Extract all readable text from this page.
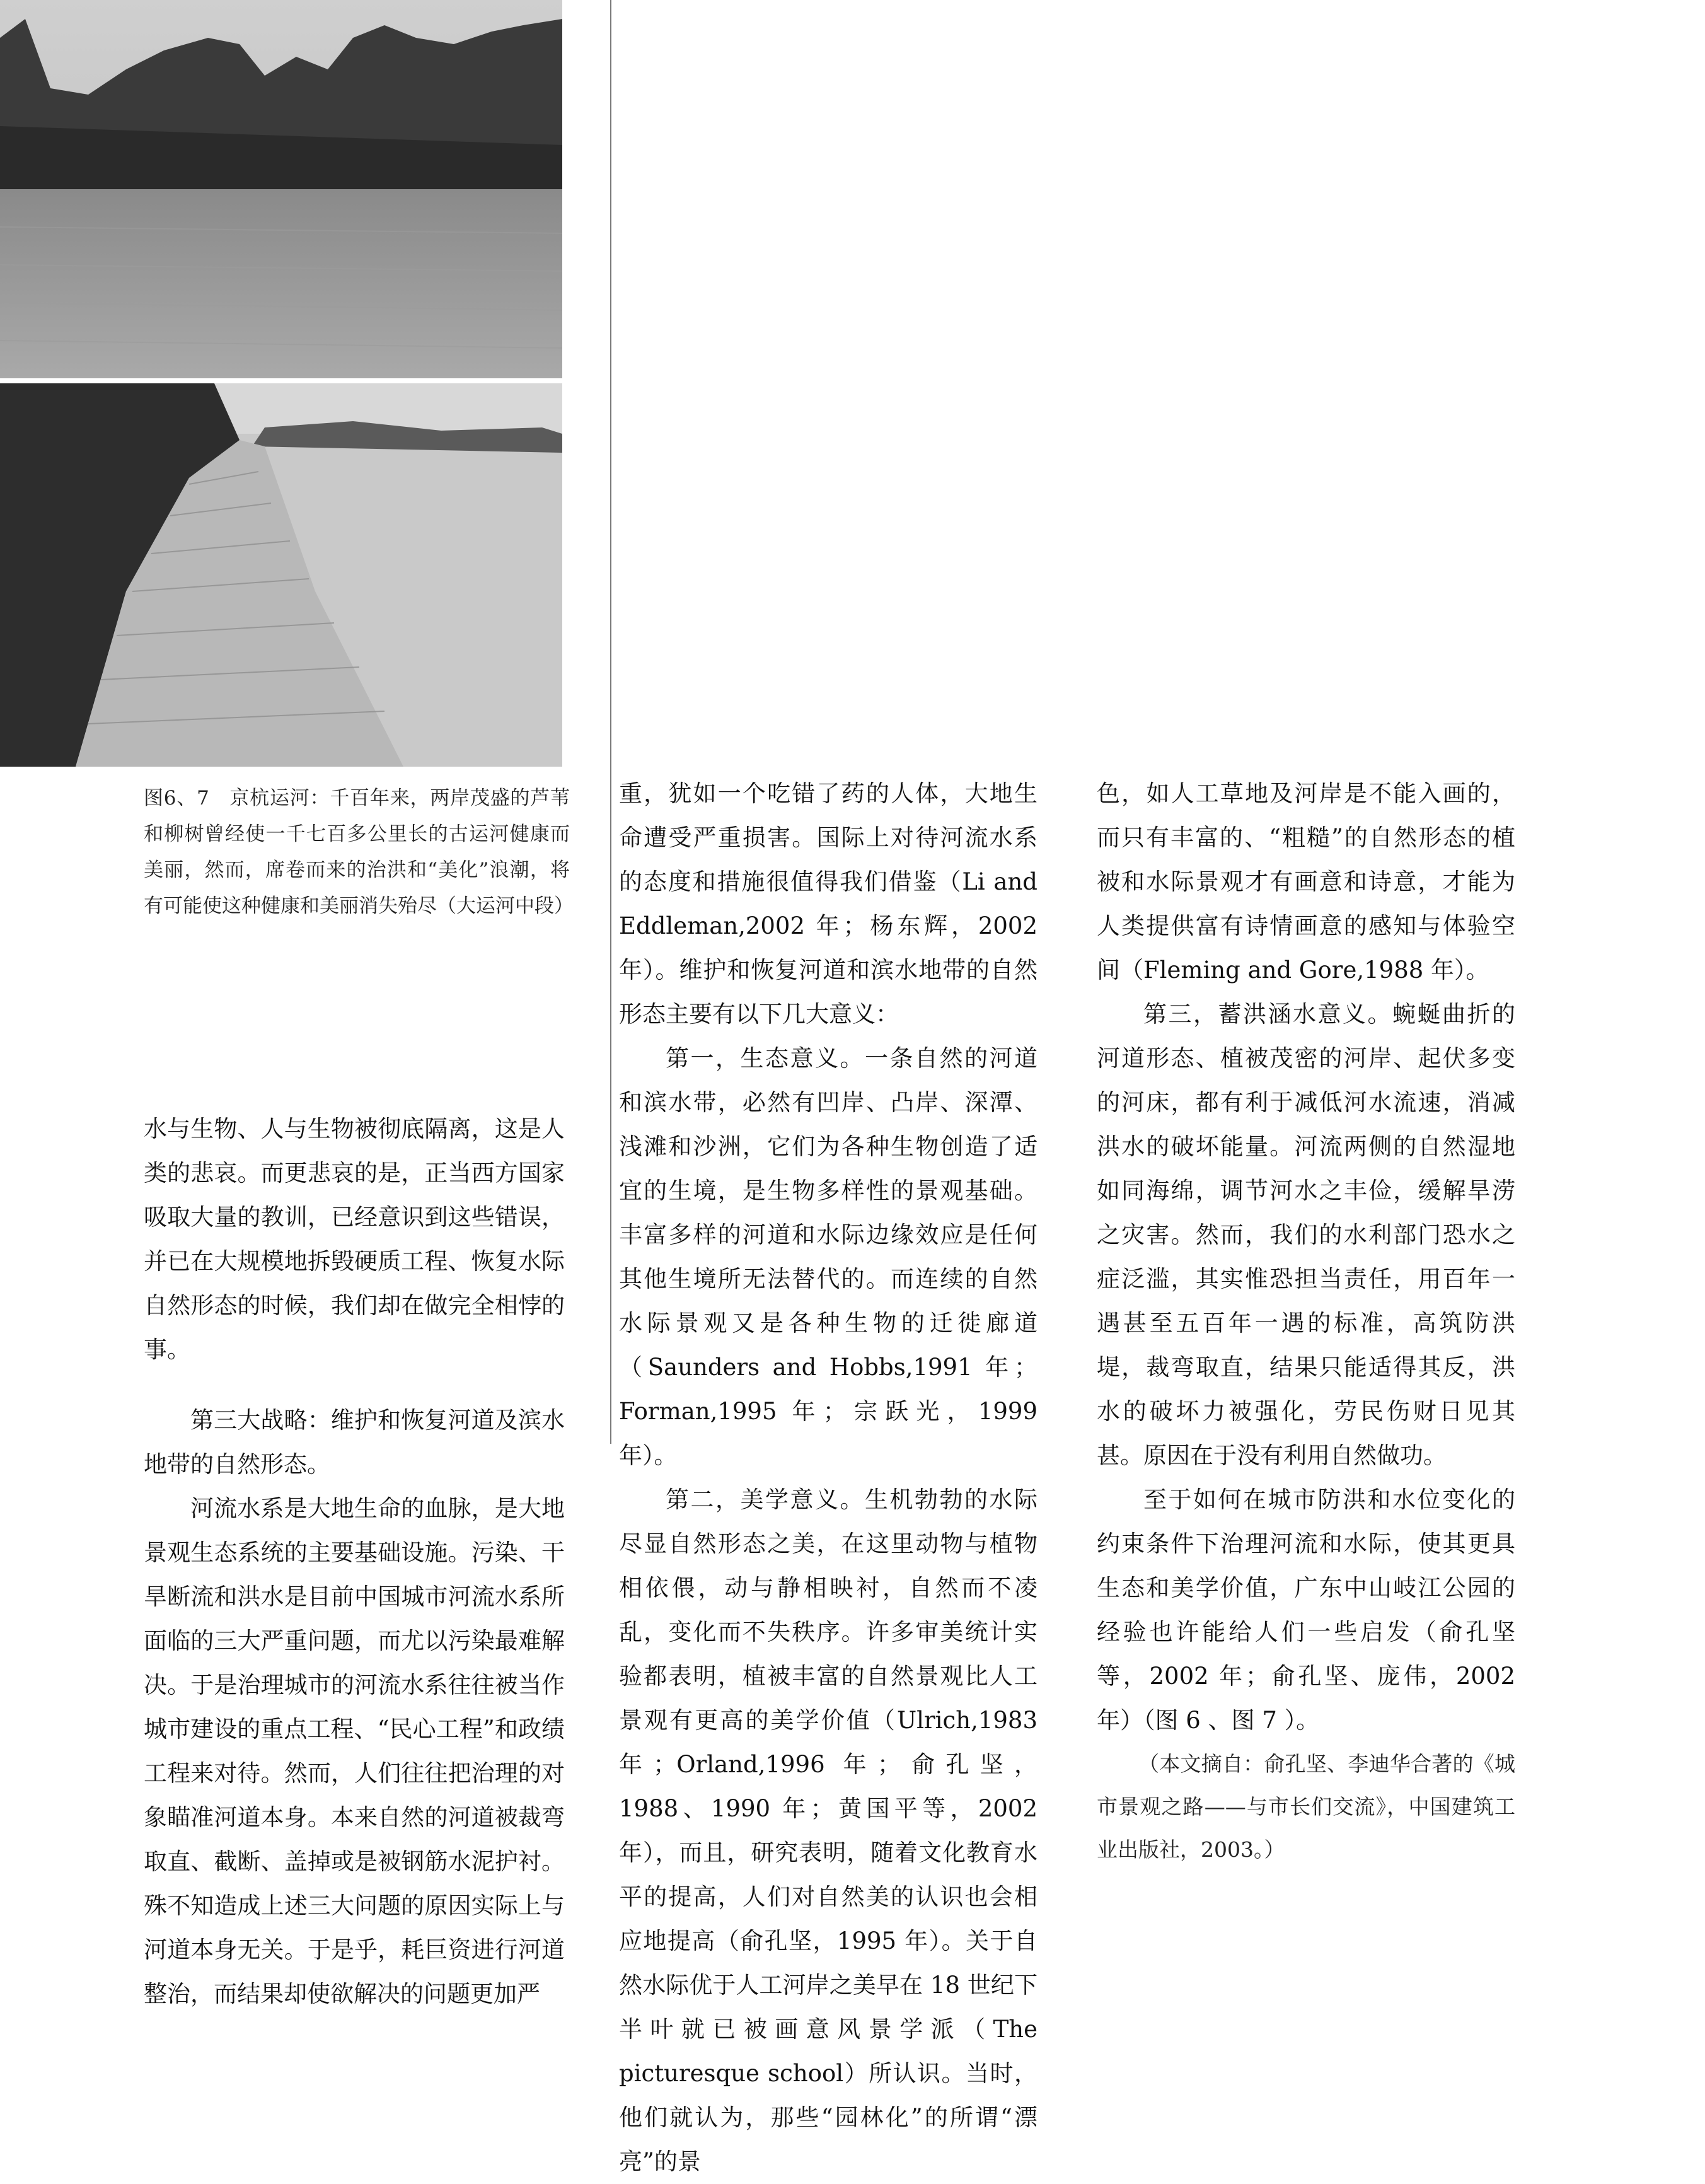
图6、7　京杭运河：千百年来，两岸茂盛的芦苇和柳树曾经使一千七百多公里长的古运河健康而美丽，然而，席卷而来的治洪和“美化”浪潮，将有可能使这种健康和美丽消失殆尽（大运河中段）

水与生物、人与生物被彻底隔离，这是人类的悲哀。而更悲哀的是，正当西方国家吸取大量的教训，已经意识到这些错误，并已在大规模地拆毁硬质工程、恢复水际自然形态的时候，我们却在做完全相悖的事。

第三大战略：维护和恢复河道及滨水地带的自然形态。

河流水系是大地生命的血脉，是大地景观生态系统的主要基础设施。污染、干旱断流和洪水是目前中国城市河流水系所面临的三大严重问题，而尤以污染最难解决。于是治理城市的河流水系往往被当作城市建设的重点工程、“民心工程”和政绩工程来对待。然而，人们往往把治理的对象瞄准河道本身。本来自然的河道被裁弯取直、截断、盖掉或是被钢筋水泥护衬。殊不知造成上述三大问题的原因实际上与河道本身无关。于是乎，耗巨资进行河道整治，而结果却使欲解决的问题更加严

重，犹如一个吃错了药的人体，大地生命遭受严重损害。国际上对待河流水系的态度和措施很值得我们借鉴（Li and Eddleman,2002 年；杨东辉，2002 年）。维护和恢复河道和滨水地带的自然形态主要有以下几大意义：

第一，生态意义。一条自然的河道和滨水带，必然有凹岸、凸岸、深潭、浅滩和沙洲，它们为各种生物创造了适宜的生境，是生物多样性的景观基础。丰富多样的河道和水际边缘效应是任何其他生境所无法替代的。而连续的自然水际景观又是各种生物的迁徙廊道（Saunders and Hobbs,1991 年；Forman,1995 年；宗跃光，1999 年）。

第二，美学意义。生机勃勃的水际尽显自然形态之美，在这里动物与植物相依偎，动与静相映衬，自然而不凌乱，变化而不失秩序。许多审美统计实验都表明，植被丰富的自然景观比人工景观有更高的美学价值（Ulrich,1983 年；Orland,1996 年；俞孔坚，1988、1990 年；黄国平等，2002 年），而且，研究表明，随着文化教育水平的提高，人们对自然美的认识也会相应地提高（俞孔坚，1995 年）。关于自然水际优于人工河岸之美早在 18 世纪下半叶就已被画意风景学派（The picturesque school）所认识。当时，他们就认为，那些“园林化”的所谓“漂亮”的景

色，如人工草地及河岸是不能入画的，而只有丰富的、“粗糙”的自然形态的植被和水际景观才有画意和诗意，才能为人类提供富有诗情画意的感知与体验空间（Fleming and Gore,1988 年）。

第三，蓄洪涵水意义。蜿蜒曲折的河道形态、植被茂密的河岸、起伏多变的河床，都有利于减低河水流速，消减洪水的破坏能量。河流两侧的自然湿地如同海绵，调节河水之丰俭，缓解旱涝之灾害。然而，我们的水利部门恐水之症泛滥，其实惟恐担当责任，用百年一遇甚至五百年一遇的标准，高筑防洪堤，裁弯取直，结果只能适得其反，洪水的破坏力被强化，劳民伤财日见其甚。原因在于没有利用自然做功。

至于如何在城市防洪和水位变化的约束条件下治理河流和水际，使其更具生态和美学价值，广东中山岐江公园的经验也许能给人们一些启发（俞孔坚等，2002 年；俞孔坚、庞伟，2002 年）（图 6 、图 7 ）。

（本文摘自：俞孔坚、李迪华合著的《城市景观之路——与市长们交流》，中国建筑工业出版社，2003。）
